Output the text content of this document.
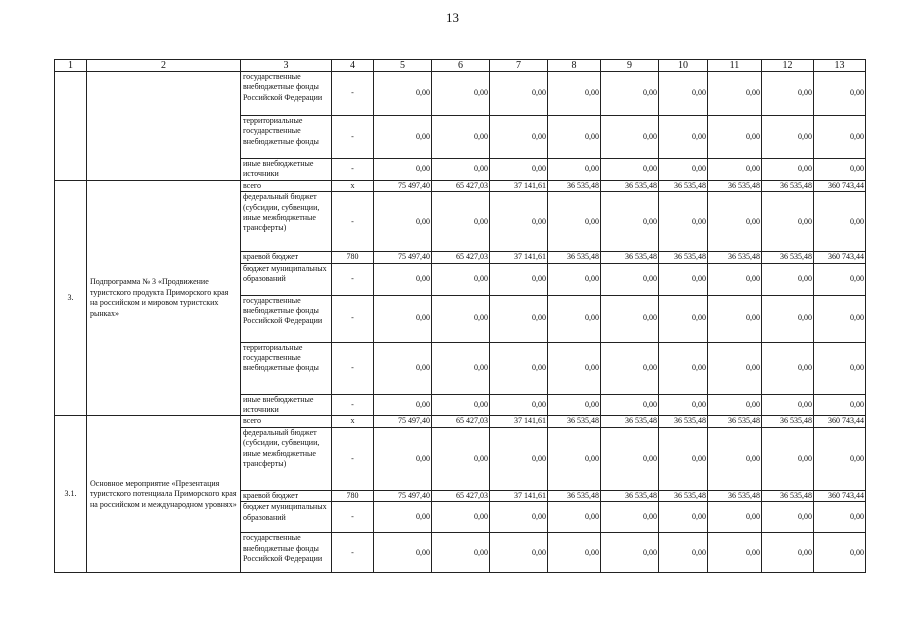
13
1	2	3	4	5	6	7	8	9	10	11	12	13
		государственные внебюджетные фонды Российской Федерации	-	0,00	0,00	0,00	0,00	0,00	0,00	0,00	0,00	0,00
		территориальные государственные внебюджетные фонды	-	0,00	0,00	0,00	0,00	0,00	0,00	0,00	0,00	0,00
		иные внебюджетные источники	-	0,00	0,00	0,00	0,00	0,00	0,00	0,00	0,00	0,00
3.	Подпрограмма № 3 «Продвижение туристского продукта Приморского края на российском и мировом туристских рынках»	всего	х	75 497,40	65 427,03	37 141,61	36 535,48	36 535,48	36 535,48	36 535,48	36 535,48	360 743,44
		федеральный бюджет (субсидии, субвенции, иные межбюджетные трансферты)	-	0,00	0,00	0,00	0,00	0,00	0,00	0,00	0,00	0,00
		краевой бюджет	780	75 497,40	65 427,03	37 141,61	36 535,48	36 535,48	36 535,48	36 535,48	36 535,48	360 743,44
		бюджет муниципальных образований	-	0,00	0,00	0,00	0,00	0,00	0,00	0,00	0,00	0,00
		государственные внебюджетные фонды Российской Федерации	-	0,00	0,00	0,00	0,00	0,00	0,00	0,00	0,00	0,00
		территориальные государственные внебюджетные фонды	-	0,00	0,00	0,00	0,00	0,00	0,00	0,00	0,00	0,00
		иные внебюджетные источники	-	0,00	0,00	0,00	0,00	0,00	0,00	0,00	0,00	0,00
3.1.	Основное мероприятие «Презентация туристского потенциала Приморского края на российском и международном уровнях»	всего	х	75 497,40	65 427,03	37 141,61	36 535,48	36 535,48	36 535,48	36 535,48	36 535,48	360 743,44
		федеральный бюджет (субсидии, субвенции, иные межбюджетные трансферты)	-	0,00	0,00	0,00	0,00	0,00	0,00	0,00	0,00	0,00
		краевой бюджет	780	75 497,40	65 427,03	37 141,61	36 535,48	36 535,48	36 535,48	36 535,48	36 535,48	360 743,44
		бюджет муниципальных образований	-	0,00	0,00	0,00	0,00	0,00	0,00	0,00	0,00	0,00
		государственные внебюджетные фонды Российской Федерации	-	0,00	0,00	0,00	0,00	0,00	0,00	0,00	0,00	0,00
